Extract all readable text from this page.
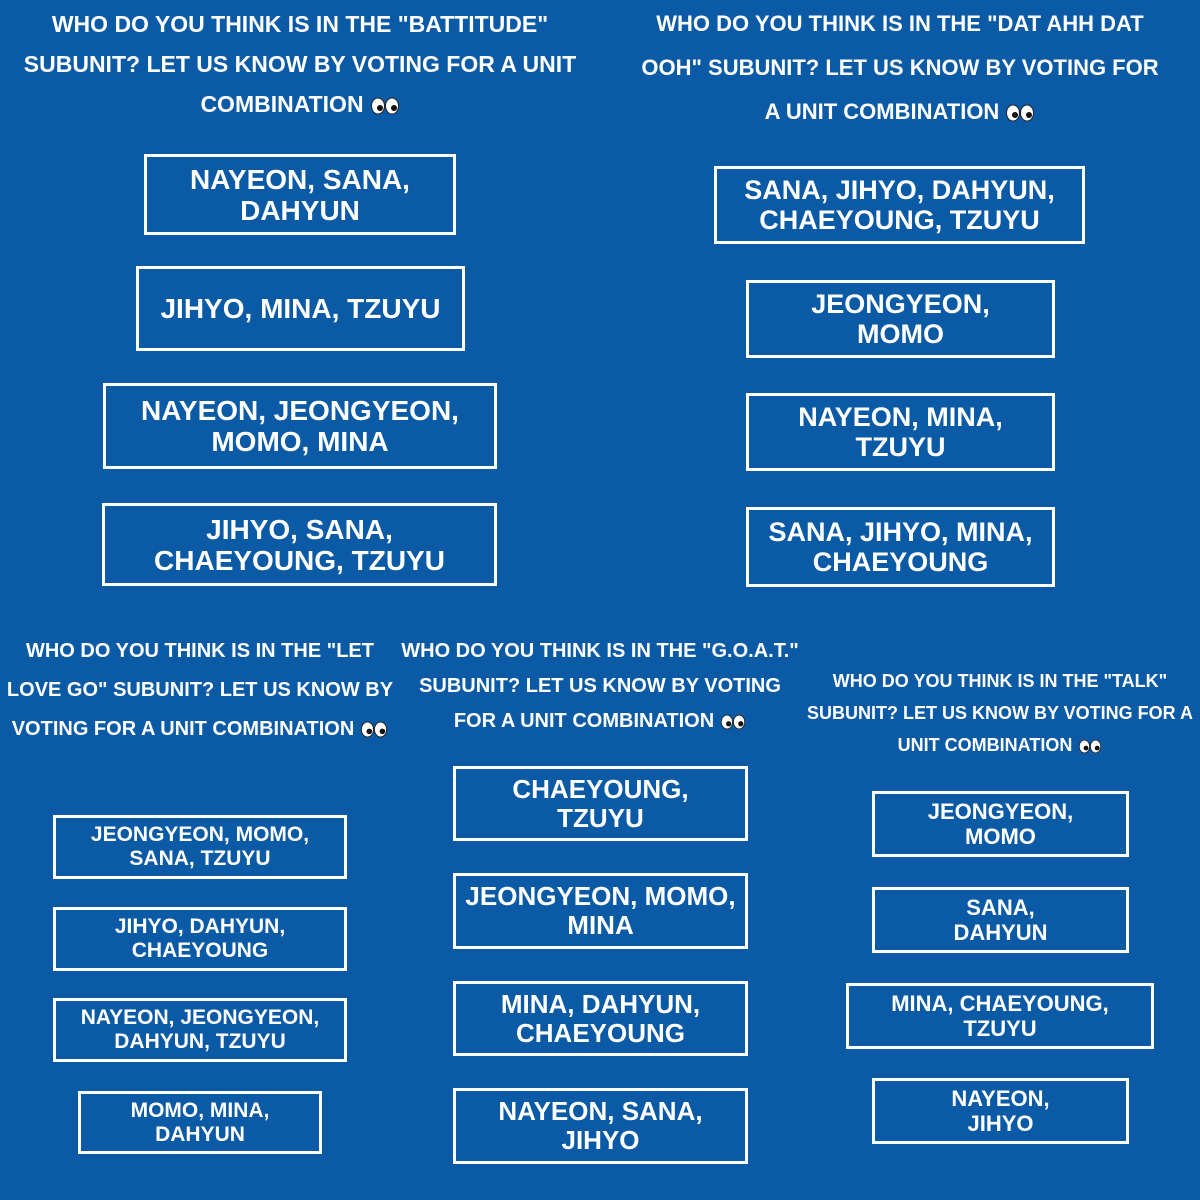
WHO DO YOU THINK IS IN THE "BATTITUDE" SUBUNIT? LET US KNOW BY VOTING FOR A UNIT COMBINATION
NAYEON, SANA, DAHYUN
JIHYO, MINA, TZUYU
NAYEON, JEONGYEON, MOMO, MINA
JIHYO, SANA, CHAEYOUNG, TZUYU
WHO DO YOU THINK IS IN THE "DAT AHH DAT OOH" SUBUNIT? LET US KNOW BY VOTING FOR A UNIT COMBINATION
SANA, JIHYO, DAHYUN, CHAEYOUNG, TZUYU
JEONGYEON, MOMO
NAYEON, MINA, TZUYU
SANA, JIHYO, MINA, CHAEYOUNG
WHO DO YOU THINK IS IN THE "LET LOVE GO" SUBUNIT? LET US KNOW BY VOTING FOR A UNIT COMBINATION
JEONGYEON, MOMO, SANA, TZUYU
JIHYO, DAHYUN, CHAEYOUNG
NAYEON, JEONGYEON, DAHYUN, TZUYU
MOMO, MINA, DAHYUN
WHO DO YOU THINK IS IN THE "G.O.A.T." SUBUNIT? LET US KNOW BY VOTING FOR A UNIT COMBINATION
CHAEYOUNG, TZUYU
JEONGYEON, MOMO, MINA
MINA, DAHYUN, CHAEYOUNG
NAYEON, SANA, JIHYO
WHO DO YOU THINK IS IN THE "TALK" SUBUNIT? LET US KNOW BY VOTING FOR A UNIT COMBINATION
JEONGYEON, MOMO
SANA, DAHYUN
MINA, CHAEYOUNG, TZUYU
NAYEON, JIHYO
